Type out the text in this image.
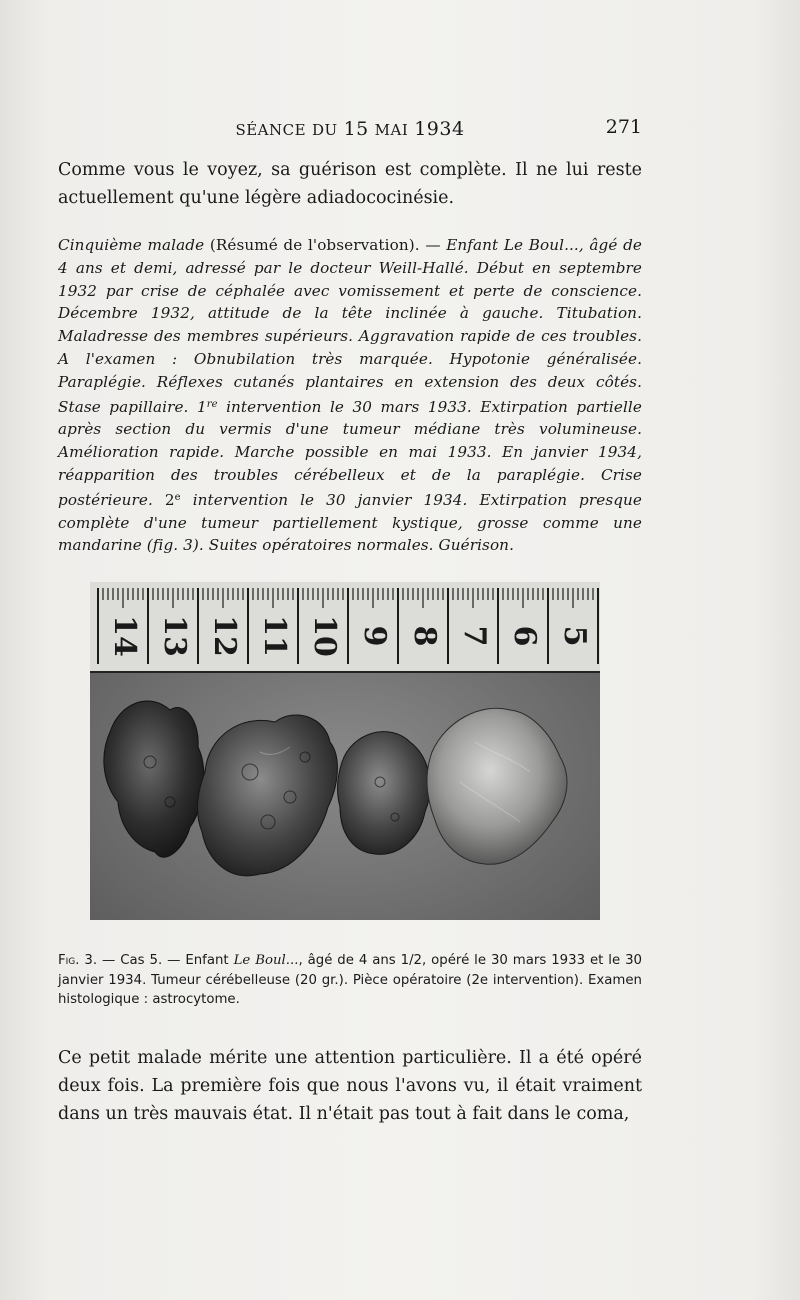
SÉANCE DU 15 MAI 1934	271

Comme vous le voyez, sa guérison est complète. Il ne lui reste actuellement qu'une légère adiadococinésie.

Cinquième malade (Résumé de l'observation). — Enfant Le Boul..., âgé de 4 ans et demi, adressé par le docteur Weill-Hallé. Début en septembre 1932 par crise de céphalée avec vomissement et perte de conscience. Décembre 1932, attitude de la tête inclinée à gauche. Titubation. Maladresse des membres supérieurs. Aggravation rapide de ces troubles. A l'examen : Obnubilation très marquée. Hypotonie généralisée. Paraplégie. Réflexes cutanés plantaires en extension des deux côtés. Stase papillaire. 1re intervention le 30 mars 1933. Extirpation partielle après section du vermis d'une tumeur médiane très volumineuse. Amélioration rapide. Marche possible en mai 1933. En janvier 1934, réapparition des troubles cérébelleux et de la paraplégie. Crise postérieure. 2e intervention le 30 janvier 1934. Extirpation presque complète d'une tumeur partiellement kystique, grosse comme une mandarine (fig. 3). Suites opératoires normales. Guérison.

14 13 12 11 10 9 8 7 6 5

Fig. 3. — Cas 5. — Enfant Le Boul..., âgé de 4 ans 1/2, opéré le 30 mars 1933 et le 30 janvier 1934. Tumeur cérébelleuse (20 gr.). Pièce opératoire (2e intervention). Examen histologique : astrocytome.

Ce petit malade mérite une attention particulière. Il a été opéré deux fois. La première fois que nous l'avons vu, il était vraiment dans un très mauvais état. Il n'était pas tout à fait dans le coma,
